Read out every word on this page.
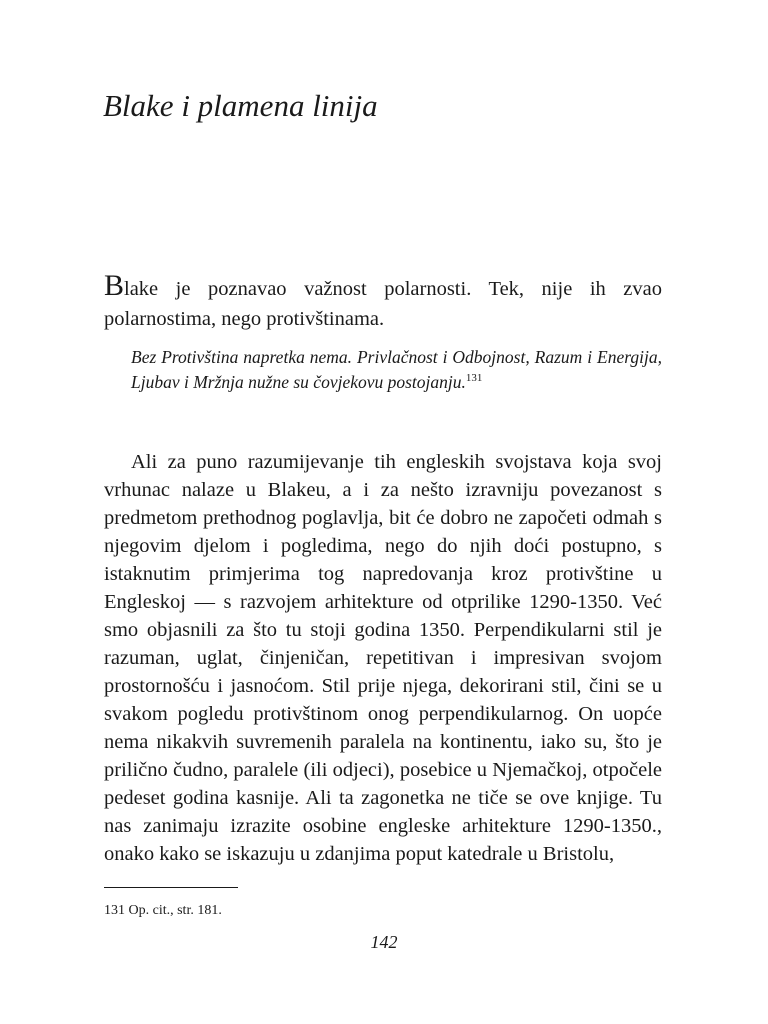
Blake i plamena linija

Blake je poznavao važnost polarnosti. Tek, nije ih zvao polarnostima, nego protivštinama.

Bez Protivština napretka nema. Privlačnost i Odbojnost, Razum i Energija, Ljubav i Mržnja nužne su čovjekovu postojanju.$^{131}$

Ali za puno razumijevanje tih engleskih svojstava koja svoj vrhunac nalaze u Blakeu, a i za nešto izravniju povezanost s predmetom prethodnog poglavlja, bit će dobro ne započeti odmah s njegovim djelom i pogledima, nego do njih doći postupno, s istaknutim primjerima tog napredovanja kroz protivštine u Engleskoj — s razvojem arhitekture od otprilike 1290-1350. Već smo objasnili za što tu stoji godina 1350. Perpendikularni stil je razuman, uglat, činjeničan, repetitivan i impresivan svojom prostornošću i jasnoćom. Stil prije njega, dekorirani stil, čini se u svakom pogledu protivštinom onog perpendikularnog. On uopće nema nikakvih suvremenih paralela na kontinentu, iako su, što je prilično čudno, paralele (ili odjeci), posebice u Njemačkoj, otpočele pedeset godina kasnije. Ali ta zagonetka ne tiče se ove knjige. Tu nas zanimaju izrazite osobine engleske arhitekture 1290-1350., onako kako se iskazuju u zdanjima poput katedrale u Bristolu,

131 Op. cit., str. 181.

142
